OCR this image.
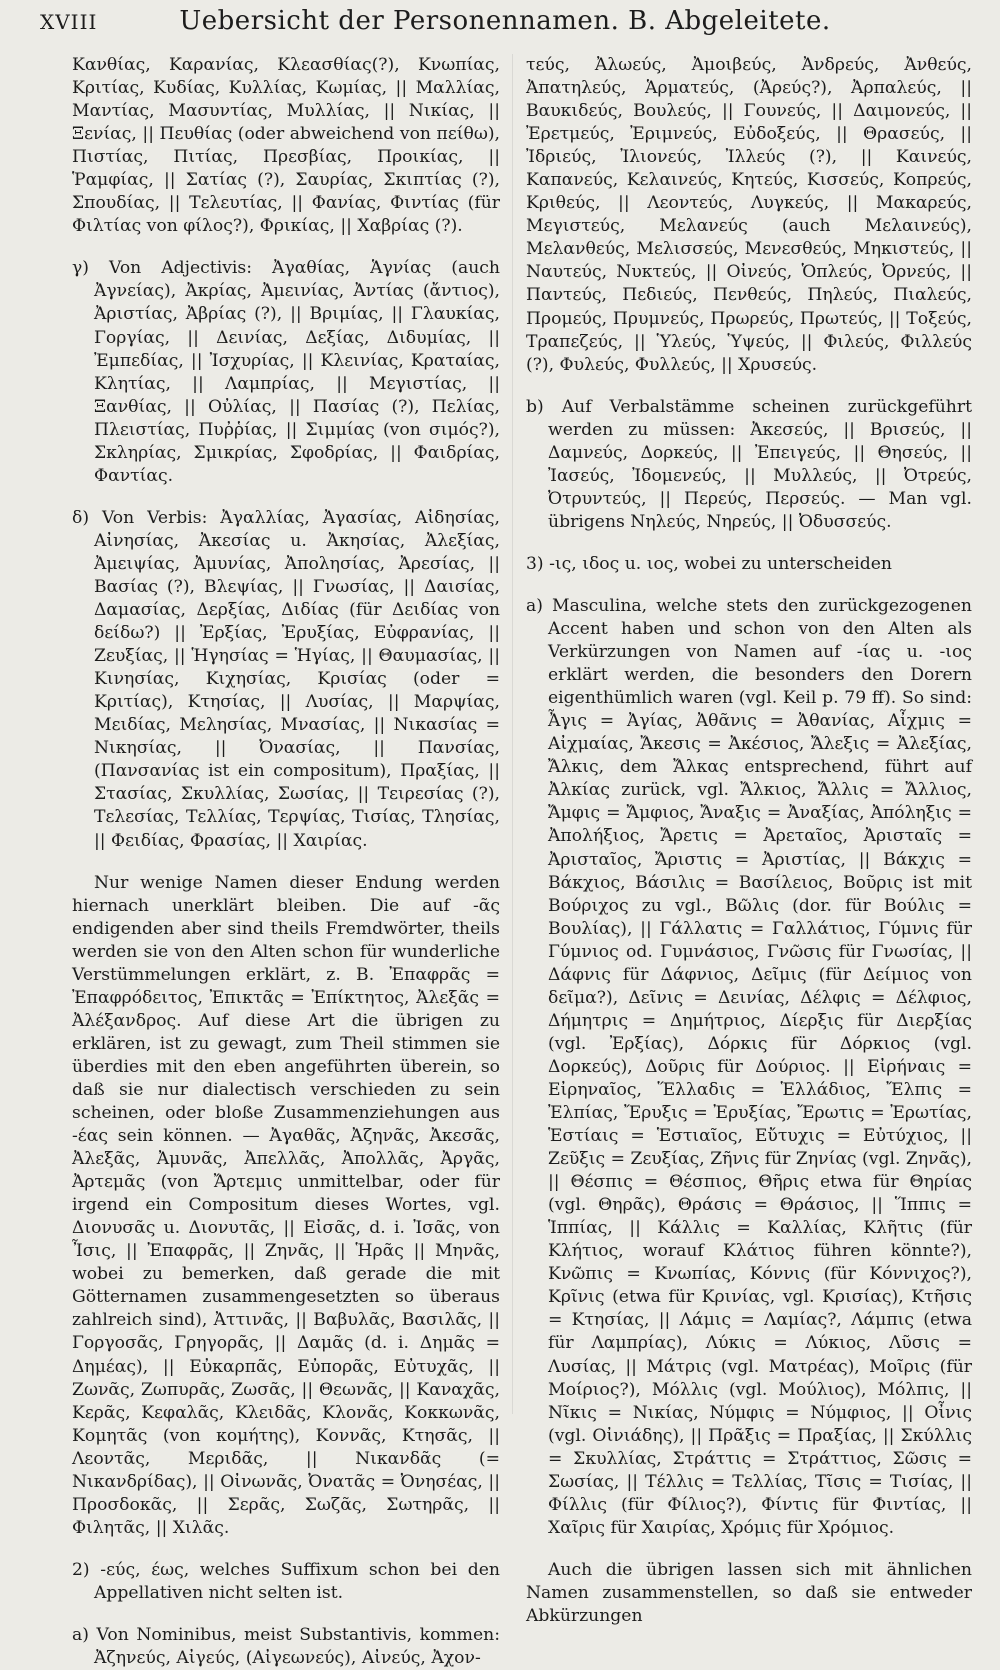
XVIII	Uebersicht der Personennamen. B. Abgeleitete.

Κανθίας, Καρανίας, Κλεασθίας(?), Κνωπίας, Κριτίας, Κυδίας, Κυλλίας, Κωμίας, || Μαλλίας, Μαντίας, Μασυντίας, Μυλλίας, || Νικίας, || Ξενίας, || Πευθίας (oder abweichend von πείθω), Πιστίας, Πιτίας, Πρεσβίας, Προικίας, || Ῥαμφίας, || Σατίας (?), Σαυρίας, Σκιπτίας (?), Σπουδίας, || Τελευτίας, || Φανίας, Φιντίας (für Φιλτίας von φίλος?), Φρικίας, || Χαβρίας (?).

γ) Von Adjectivis: Ἀγαθίας, Ἁγνίας (auch Ἀγνείας), Ἀκρίας, Ἀμεινίας, Ἀντίας (ἄντιος), Ἀριστίας, Ἀβρίας (?), || Βριμίας, || Γλαυκίας, Γοργίας, || Δεινίας, Δεξίας, Διδυμίας, || Ἐμπεδίας, || Ἰσχυρίας, || Κλεινίας, Κραταίας, Κλητίας, || Λαμπρίας, || Μεγιστίας, || Ξανθίας, || Οὐλίας, || Πασίας (?), Πελίας, Πλειστίας, Πυῤῥίας, || Σιμμίας (von σιμός?), Σκληρίας, Σμικρίας, Σφοδρίας, || Φαιδρίας, Φαντίας.

δ) Von Verbis: Ἀγαλλίας, Ἀγασίας, Αἰδησίας, Αἰνησίας, Ἀκεσίας u. Ἀκησίας, Ἀλεξίας, Ἀμειψίας, Ἀμυνίας, Ἀπολησίας, Ἀρεσίας, || Βασίας (?), Βλεψίας, || Γνωσίας, || Δαισίας, Δαμασίας, Δερξίας, Διδίας (für Δειδίας von δείδω?) || Ἐρξίας, Ἐρυξίας, Εὐφρανίας, || Ζευξίας, || Ἡγησίας = Ἡγίας, || Θαυμασίας, || Κινησίας, Κιχησίας, Κρισίας (oder = Κριτίας), Κτησίας, || Λυσίας, || Μαρψίας, Μειδίας, Μελησίας, Μνασίας, || Νικασίας = Νικησίας, || Ὀνασίας, || Πανσίας, (Πανσανίας ist ein compositum), Πραξίας, || Στασίας, Σκυλλίας, Σωσίας, || Τειρεσίας (?), Τελεσίας, Τελλίας, Τερψίας, Τισίας, Τλησίας, || Φειδίας, Φρασίας, || Χαιρίας.

Nur wenige Namen dieser Endung werden hiernach unerklärt bleiben. Die auf -ᾶς endigenden aber sind theils Fremdwörter, theils werden sie von den Alten schon für wunderliche Verstümmelungen erklärt, z. B. Ἐπαφρᾶς = Ἐπαφρόδειτος, Ἐπικτᾶς = Ἐπίκτητος, Ἀλεξᾶς = Ἀλέξανδρος. Auf diese Art die übrigen zu erklären, ist zu gewagt, zum Theil stimmen sie überdies mit den eben angeführten überein, so daß sie nur dialectisch verschieden zu sein scheinen, oder bloße Zusammenziehungen aus -έας sein können. — Ἀγαθᾶς, Ἀζηνᾶς, Ἀκεσᾶς, Ἀλεξᾶς, Ἀμυνᾶς, Ἀπελλᾶς, Ἀπολλᾶς, Ἀργᾶς, Ἀρτεμᾶς (von Ἄρτεμις unmittelbar, oder für irgend ein Compositum dieses Wortes, vgl. Διονυσᾶς u. Διονυτᾶς, || Εἰσᾶς, d. i. Ἰσᾶς, von Ἶσις, || Ἐπαφρᾶς, || Ζηνᾶς, || Ἡρᾶς || Μηνᾶς, wobei zu bemerken, daß gerade die mit Götternamen zusammengesetzten so überaus zahlreich sind), Ἀττινᾶς, || Βαβυλᾶς, Βασιλᾶς, || Γοργοσᾶς, Γρηγορᾶς, || Δαμᾶς (d. i. Δημᾶς = Δημέας), || Εὐκαρπᾶς, Εὐπορᾶς, Εὐτυχᾶς, || Ζωνᾶς, Ζωπυρᾶς, Ζωσᾶς, || Θεωνᾶς, || Καναχᾶς, Κερᾶς, Κεφαλᾶς, Κλειδᾶς, Κλονᾶς, Κοκκωνᾶς, Κομητᾶς (von κομήτης), Κοννᾶς, Κτησᾶς, || Λεοντᾶς, Μεριδᾶς, || Νικανδᾶς (= Νικανδρίδας), || Οἰνωνᾶς, Ὀνατᾶς = Ὀνησέας, || Προσδοκᾶς, || Σερᾶς, Σωζᾶς, Σωτηρᾶς, || Φιλητᾶς, || Χιλᾶς.

2) -εύς, έως, welches Suffixum schon bei den Appellativen nicht selten ist.

a) Von Nominibus, meist Substantivis, kommen: Ἀζηνεύς, Αἰγεύς, (Αἰγεωνεύς), Αἰνεύς, Ἀχον-

τεύς, Ἀλωεύς, Ἀμοιβεύς, Ἀνδρεύς, Ἀνθεύς, Ἀπατηλεύς, Ἁρματεύς, (Ἀρεύς?), Ἀρπαλεύς, || Βαυκιδεύς, Βουλεύς, || Γουνεύς, || Δαιμονεύς, || Ἐρετμεύς, Ἐριμνεύς, Εὐδοξεύς, || Θρασεύς, || Ἰδριεύς, Ἰλιονεύς, Ἰλλεύς (?), || Καινεύς, Καπανεύς, Κελαινεύς, Κητεύς, Κισσεύς, Κοπρεύς, Κριθεύς, || Λεοντεύς, Λυγκεύς, || Μακαρεύς, Μεγιστεύς, Μελανεύς (auch Μελαινεύς), Μελανθεύς, Μελισσεύς, Μενεσθεύς, Μηκιστεύς, || Ναυτεύς, Νυκτεύς, || Οἰνεύς, Ὁπλεύς, Ὀρνεύς, || Παντεύς, Πεδιεύς, Πενθεύς, Πηλεύς, Πιαλεύς, Προμεύς, Πρυμνεύς, Πρωρεύς, Πρωτεύς, || Τοξεύς, Τραπεζεύς, || Ὑλεύς, Ὑψεύς, || Φιλεύς, Φιλλεύς (?), Φυλεύς, Φυλλεύς, || Χρυσεύς.

b) Auf Verbalstämme scheinen zurückgeführt werden zu müssen: Ἀκεσεύς, || Βρισεύς, || Δαμνεύς, Δορκεύς, || Ἐπειγεύς, || Θησεύς, || Ἰασεύς, Ἰδομενεύς, || Μυλλεύς, || Ὀτρεύς, Ὀτρυντεύς, || Περεύς, Περσεύς. — Man vgl. übrigens Νηλεύς, Νηρεύς, || Ὀδυσσεύς.

3) -ις, ιδος u. ιος, wobei zu unterscheiden

a) Masculina, welche stets den zurückgezogenen Accent haben und schon von den Alten als Verkürzungen von Namen auf -ίας u. -ιος erklärt werden, die besonders den Dorern eigenthümlich waren (vgl. Keil p. 79 ff). So sind: Ἆγις = Ἀγίας, Ἀθᾶνις = Ἀθανίας, Αἶχμις = Αἰχμαίας, Ἄκεσις = Ἀκέσιος, Ἄλεξις = Ἀλεξίας, Ἄλκις, dem Ἄλκας entsprechend, führt auf Ἀλκίας zurück, vgl. Ἄλκιος, Ἄλλις = Ἄλλιος, Ἄμφις = Ἄμφιος, Ἄναξις = Ἀναξίας, Ἀπόληξις = Ἀπολήξιος, Ἄρετις = Ἀρεταῖος, Ἀρισταῖς = Ἀρισταῖος, Ἄριστις = Ἀριστίας, || Βάκχις = Βάκχιος, Βάσιλις = Βασίλειος, Βοῦρις ist mit Βούριχος zu vgl., Βῶλις (dor. für Βούλις = Βουλίας), || Γάλλατις = Γαλλάτιος, Γύμνις für Γύμνιος od. Γυμνάσιος, Γνῶσις für Γνωσίας, || Δάφνις für Δάφνιος, Δεῖμις (für Δείμιος von δεῖμα?), Δεῖνις = Δεινίας, Δέλφις = Δέλφιος, Δήμητρις = Δημήτριος, Δίερξις für Διερξίας (vgl. Ἐρξίας), Δόρκις für Δόρκιος (vgl. Δορκεύς), Δοῦρις für Δούριος. || Εἰρήναις = Εἰρηναῖος, Ἕλλαδις = Ἑλλάδιος, Ἔλπις = Ἐλπίας, Ἔρυξις = Ἐρυξίας, Ἔρωτις = Ἐρωτίας, Ἑστίαις = Ἑστιαῖος, Εὔτυχις = Εὐτύχιος, || Ζεῦξις = Ζευξίας, Ζῆνις für Ζηνίας (vgl. Ζηνᾶς), || Θέσπις = Θέσπιος, Θῆρις etwa für Θηρίας (vgl. Θηρᾶς), Θράσις = Θράσιος, || Ἵππις = Ἱππίας, || Κάλλις = Καλλίας, Κλῆτις (für Κλήτιος, worauf Κλάτιος führen könnte?), Κνῶπις = Κνωπίας, Κόννις (für Κόννιχος?), Κρῖνις (etwa für Κρινίας, vgl. Κρισίας), Κτῆσις = Κτησίας, || Λάμις = Λαμίας?, Λάμπις (etwa für Λαμπρίας), Λύκις = Λύκιος, Λῦσις = Λυσίας, || Μάτρις (vgl. Ματρέας), Μοῖρις (für Μοίριος?), Μόλλις (vgl. Μούλιος), Μόλπις, || Νῖκις = Νικίας, Νύμφις = Νύμφιος, || Οἶνις (vgl. Οἰνιάδης), || Πρᾶξις = Πραξίας, || Σκύλλις = Σκυλλίας, Στράττις = Στράττιος, Σῶσις = Σωσίας, || Τέλλις = Τελλίας, Τῖσις = Τισίας, || Φίλλις (für Φίλιος?), Φίντις für Φιντίας, || Χαῖρις für Χαιρίας, Χρόμις für Χρόμιος.

Auch die übrigen lassen sich mit ähnlichen Namen zusammenstellen, so daß sie entweder Abkürzungen
